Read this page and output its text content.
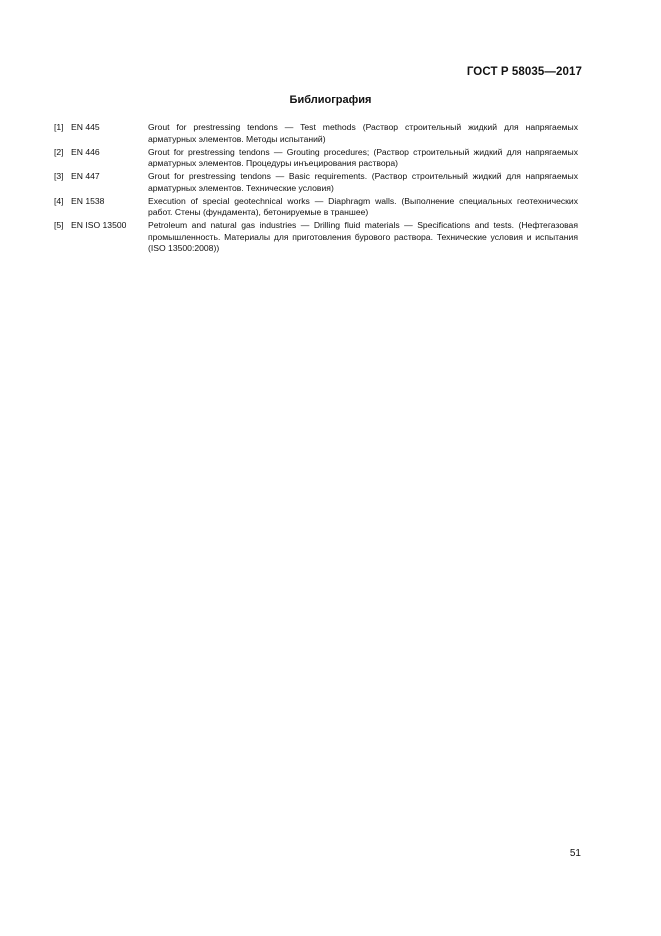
ГОСТ Р 58035—2017
Библиография
[1] EN 445	Grout for prestressing tendons — Test methods (Раствор строительный жидкий для напрягаемых арматурных элементов. Методы испытаний)
[2] EN 446	Grout for prestressing tendons — Grouting procedures; (Раствор строительный жидкий для напрягаемых арматурных элементов. Процедуры инъецирования раствора)
[3] EN 447	Grout for prestressing tendons — Basic requirements. (Раствор строительный жидкий для напрягаемых арматурных элементов. Технические условия)
[4] EN 1538	Execution of special geotechnical works — Diaphragm walls. (Выполнение специальных геотехнических работ. Стены (фундамента), бетонируемые в траншее)
[5] EN ISO 13500	Petroleum and natural gas industries — Drilling fluid materials — Specifications and tests. (Нефтегазовая промышленность. Материалы для приготовления бурового раствора. Технические условия и испытания (ISO 13500:2008))
51
